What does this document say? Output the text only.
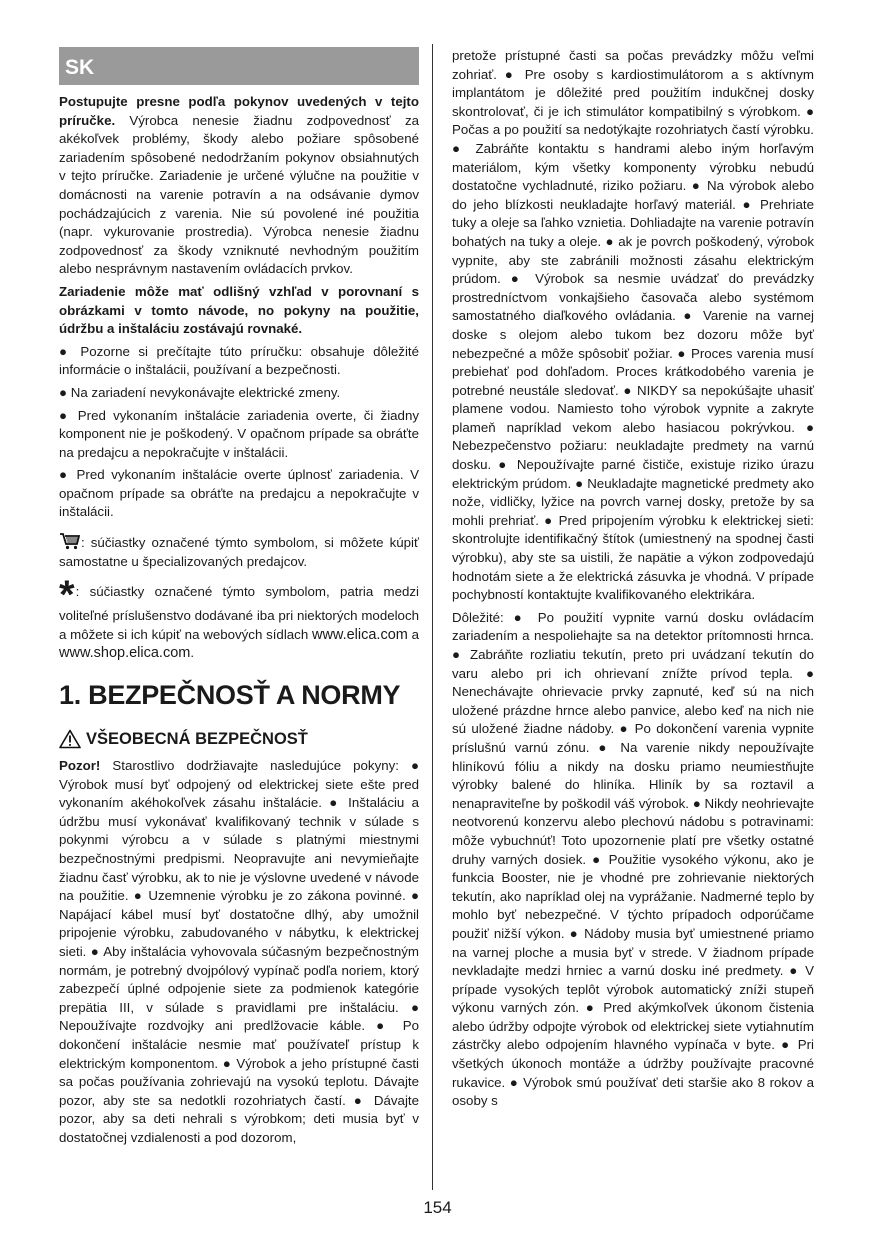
SK

Postupujte presne podľa pokynov uvedených v tejto príručke. Výrobca nenesie žiadnu zodpovednosť za akékoľvek problémy, škody alebo požiare spôsobené zariadením spôsobené nedodržaním pokynov obsiahnutých v tejto príručke. Zariadenie je určené výlučne na použitie v domácnosti na varenie potravín a na odsávanie dymov pochádzajúcich z varenia. Nie sú povolené iné použitia (napr. vykurovanie prostredia). Výrobca nenesie žiadnu zodpovednosť za škody vzniknuté nevhodným použitím alebo nesprávnym nastavením ovládacích prvkov.

Zariadenie môže mať odlišný vzhľad v porovnaní s obrázkami v tomto návode, no pokyny na použitie, údržbu a inštaláciu zostávajú rovnaké.

● Pozorne si prečítajte túto príručku: obsahuje dôležité informácie o inštalácii, používaní a bezpečnosti.

● Na zariadení nevykonávajte elektrické zmeny.

● Pred vykonaním inštalácie zariadenia overte, či žiadny komponent nie je poškodený. V opačnom prípade sa obráťte na predajcu a nepokračujte v inštalácii.

● Pred vykonaním inštalácie overte úplnosť zariadenia. V opačnom prípade sa obráťte na predajcu a nepokračujte v inštalácii.

: súčiastky označené týmto symbolom, si môžete kúpiť samostatne u špecializovaných predajcov.

*: súčiastky označené týmto symbolom, patria medzi voliteľné príslušenstvo dodávané iba pri niektorých modeloch a môžete si ich kúpiť na webových sídlach www.elica.com a www.shop.elica.com.

1. BEZPEČNOSŤ A NORMY
VŠEOBECNÁ BEZPEČNOSŤ

Pozor! Starostlivo dodržiavajte nasledujúce pokyny: ● Výrobok musí byť odpojený od elektrickej siete ešte pred vykonaním akéhokoľvek zásahu inštalácie. ● Inštaláciu a údržbu musí vykonávať kvalifikovaný technik v súlade s pokynmi výrobcu a v súlade s platnými miestnymi bezpečnostnými predpismi. Neopravujte ani nevymieňajte žiadnu časť výrobku, ak to nie je výslovne uvedené v návode na použitie. ● Uzemnenie výrobku je zo zákona povinné. ● Napájací kábel musí byť dostatočne dlhý, aby umožnil pripojenie výrobku, zabudovaného v nábytku, k elektrickej sieti. ● Aby inštalácia vyhovovala súčasným bezpečnostným normám, je potrebný dvojpólový vypínač podľa noriem, ktorý zabezpečí úplné odpojenie siete za podmienok kategórie prepätia III, v súlade s pravidlami pre inštaláciu. ● Nepoužívajte rozdvojky ani predlžovacie káble. ● Po dokončení inštalácie nesmie mať používateľ prístup k elektrickým komponentom. ● Výrobok a jeho prístupné časti sa počas používania zohrievajú na vysokú teplotu. Dávajte pozor, aby ste sa nedotkli rozohriatych častí. ● Dávajte pozor, aby sa deti nehrali s výrobkom; deti musia byť v dostatočnej vzdialenosti a pod dozorom,

pretože prístupné časti sa počas prevádzky môžu veľmi zohriať. ● Pre osoby s kardiostimulátorom a s aktívnym implantátom je dôležité pred použitím indukčnej dosky skontrolovať, či je ich stimulátor kompatibilný s výrobkom. ● Počas a po použití sa nedotýkajte rozohriatych častí výrobku. ● Zabráňte kontaktu s handrami alebo iným horľavým materiálom, kým všetky komponenty výrobku nebudú dostatočne vychladnuté, riziko požiaru. ● Na výrobok alebo do jeho blízkosti neukladajte horľavý materiál. ● Prehriate tuky a oleje sa ľahko vznietia. Dohliadajte na varenie potravín bohatých na tuky a oleje. ● ak je povrch poškodený, výrobok vypnite, aby ste zabránili možnosti zásahu elektrickým prúdom. ● Výrobok sa nesmie uvádzať do prevádzky prostredníctvom vonkajšieho časovača alebo systémom samostatného diaľkového ovládania. ● Varenie na varnej doske s olejom alebo tukom bez dozoru môže byť nebezpečné a môže spôsobiť požiar. ● Proces varenia musí prebiehať pod dohľadom. Proces krátkodobého varenia je potrebné neustále sledovať. ● NIKDY sa nepokúšajte uhasiť plamene vodou. Namiesto toho výrobok vypnite a zakryte plameň napríklad vekom alebo hasiacou pokrývkou. ● Nebezpečenstvo požiaru: neukladajte predmety na varnú dosku. ● Nepoužívajte parné čističe, existuje riziko úrazu elektrickým prúdom. ● Neukladajte magnetické predmety ako nože, vidličky, lyžice na povrch varnej dosky, pretože by sa mohli prehriať. ● Pred pripojením výrobku k elektrickej sieti: skontrolujte identifikačný štítok (umiestnený na spodnej časti výrobku), aby ste sa uistili, že napätie a výkon zodpovedajú hodnotám siete a že elektrická zásuvka je vhodná. V prípade pochybností kontaktujte kvalifikovaného elektrikára.

Dôležité: ● Po použití vypnite varnú dosku ovládacím zariadením a nespoliehajte sa na detektor prítomnosti hrnca. ● Zabráňte rozliatiu tekutín, preto pri uvádzaní tekutín do varu alebo pri ich ohrievaní znížte prívod tepla. ● Nenechávajte ohrievacie prvky zapnuté, keď sú na nich uložené prázdne hrnce alebo panvice, alebo keď na nich nie sú uložené žiadne nádoby. ● Po dokončení varenia vypnite príslušnú varnú zónu. ● Na varenie nikdy nepoužívajte hliníkovú fóliu a nikdy na dosku priamo neumiestňujte výrobky balené do hliníka. Hliník by sa roztavil a nenapraviteľne by poškodil váš výrobok. ● Nikdy neohrievajte neotvorenú konzervu alebo plechovú nádobu s potravinami: môže vybuchnúť! Toto upozornenie platí pre všetky ostatné druhy varných dosiek. ● Použitie vysokého výkonu, ako je funkcia Booster, nie je vhodné pre zohrievanie niektorých tekutín, ako napríklad olej na vyprážanie. Nadmerné teplo by mohlo byť nebezpečné. V týchto prípadoch odporúčame použiť nižší výkon. ● Nádoby musia byť umiestnené priamo na varnej ploche a musia byť v strede. V žiadnom prípade nevkladajte medzi hrniec a varnú dosku iné predmety. ● V prípade vysokých teplôt výrobok automatický zníži stupeň výkonu varných zón. ● Pred akýmkoľvek úkonom čistenia alebo údržby odpojte výrobok od elektrickej siete vytiahnutím zástrčky alebo odpojením hlavného vypínača v byte. ● Pri všetkých úkonoch montáže a údržby používajte pracovné rukavice. ● Výrobok smú používať deti staršie ako 8 rokov a osoby s

154
